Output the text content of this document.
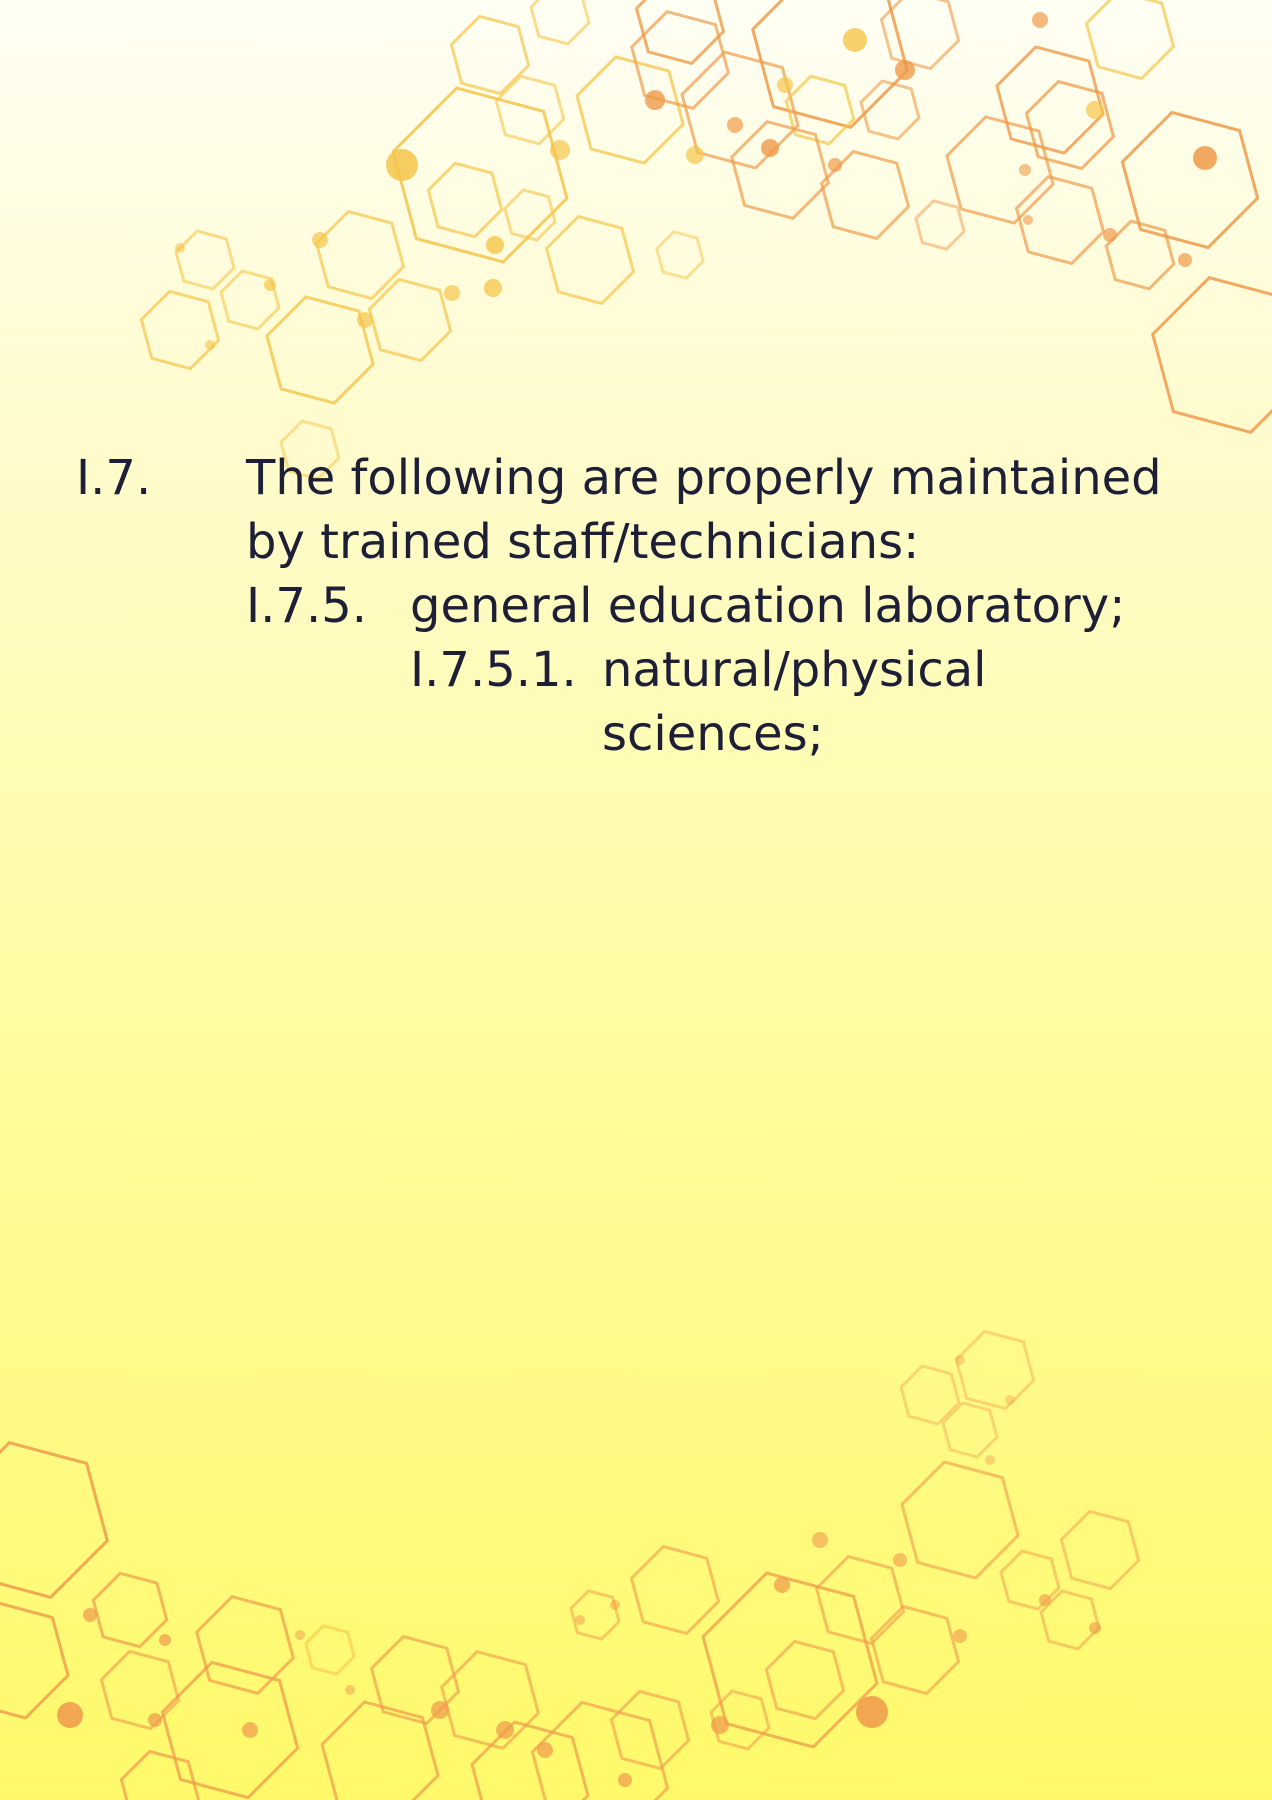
I.7. The following are properly maintained
by trained staff/technicians:
I.7.5. general education laboratory;
I.7.5.1. natural/physical
sciences;
